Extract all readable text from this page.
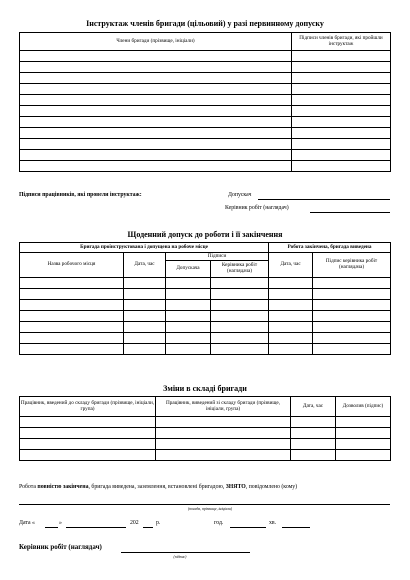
Інструктаж членів бригади (цільовий) у разі первинному допуску
Члени бригади (прізвище, ініціали)	Підписи членів бригади, які пройшли інструктаж

Підписи працівників, які провели інструктаж:	Допускач
Керівник робіт (наглядач)
Щоденний допуск до роботи і її закінчення
Бригада проінструктована і допущена на робоче місце				Робота закінчена, бригада виведена	
Назва робочого місця	Дата, час	Підписи		Дата, час	Підпис керівника робіт (наглядача)
		Допускача	Керівника робіт (наглядача)		

Зміни в складі бригади
Працівник, введений до складу бригади (прізвище, ініціали, група)	Працівник, виведений зі складу бригади (прізвище, ініціали, група)	Дата, час	Дозволив (підпис)

Робота повністю закінчена, бригада виведена, заземлення, встановлені бригадою, ЗНЯТО, повідомлено (кому)
(посада, прізвище, ініціали)
Дата «	»	202	р.	год.	хв.
Керівник робіт (наглядач)
(підпис)
